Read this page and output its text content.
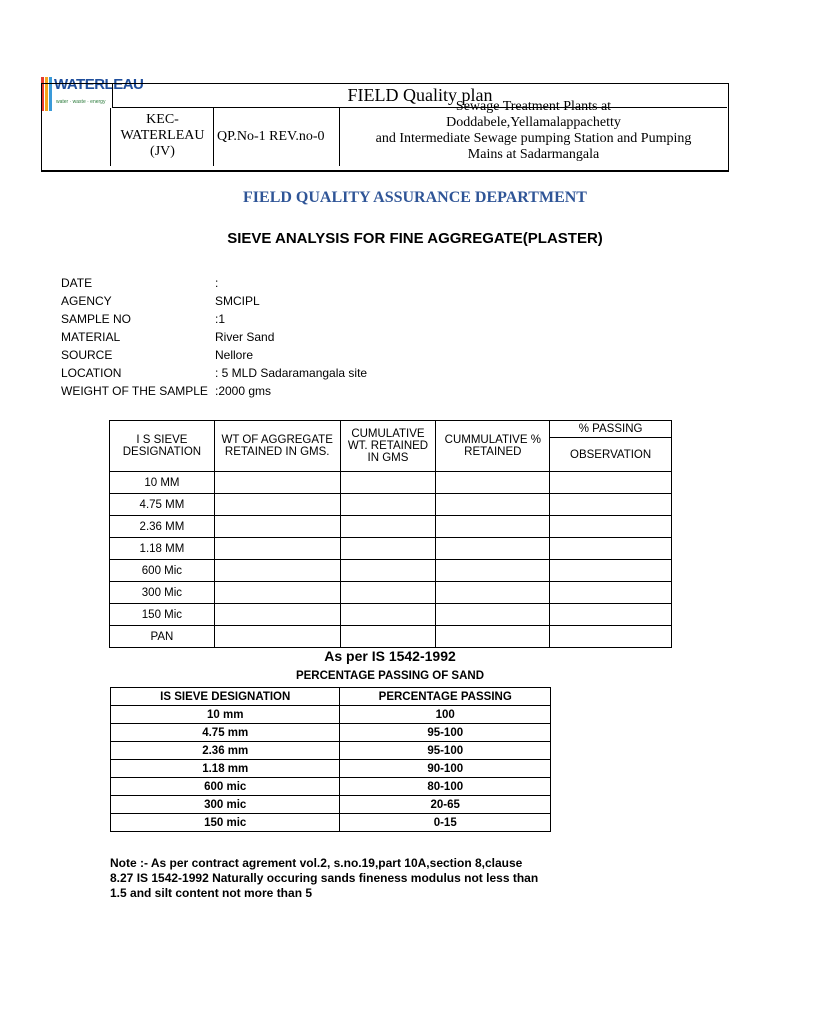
WATERLEAU
water · waste · energy	FIELD Quality plan
KEC-
WATERLEAU
(JV)
QP.No-1 REV.no-0
Sewage Treatment Plants at
Doddabele,Yellamalappachetty
and Intermediate Sewage pumping Station and Pumping
Mains at Sadarmangala
FIELD QUALITY ASSURANCE DEPARTMENT
SIEVE ANALYSIS FOR FINE AGGREGATE(PLASTER)
DATE	:
AGENCY	SMCIPL
SAMPLE NO	:1
MATERIAL	River Sand
SOURCE	Nellore
LOCATION	: 5 MLD Sadaramangala site
WEIGHT OF THE SAMPLE :2000 gms
I S SIEVE DESIGNATION	WT OF AGGREGATE RETAINED IN GMS.	CUMULATIVE WT. RETAINED IN GMS	CUMMULATIVE % RETAINED	% PASSING
				OBSERVATION
10 MM				
4.75 MM				
2.36 MM				
1.18 MM				
600 Mic				
300 Mic				
150 Mic				
PAN				
As per IS 1542-1992
PERCENTAGE PASSING OF SAND
IS SIEVE DESIGNATION	PERCENTAGE PASSING
10 mm	100
4.75 mm	95-100
2.36 mm	95-100
1.18 mm	90-100
600 mic	80-100
300 mic	20-65
150 mic	0-15
Note :- As per contract agrement vol.2, s.no.19,part 10A,section 8,clause
8.27 IS 1542-1992 Naturally occuring sands fineness modulus not less than
1.5 and silt content not more than 5
